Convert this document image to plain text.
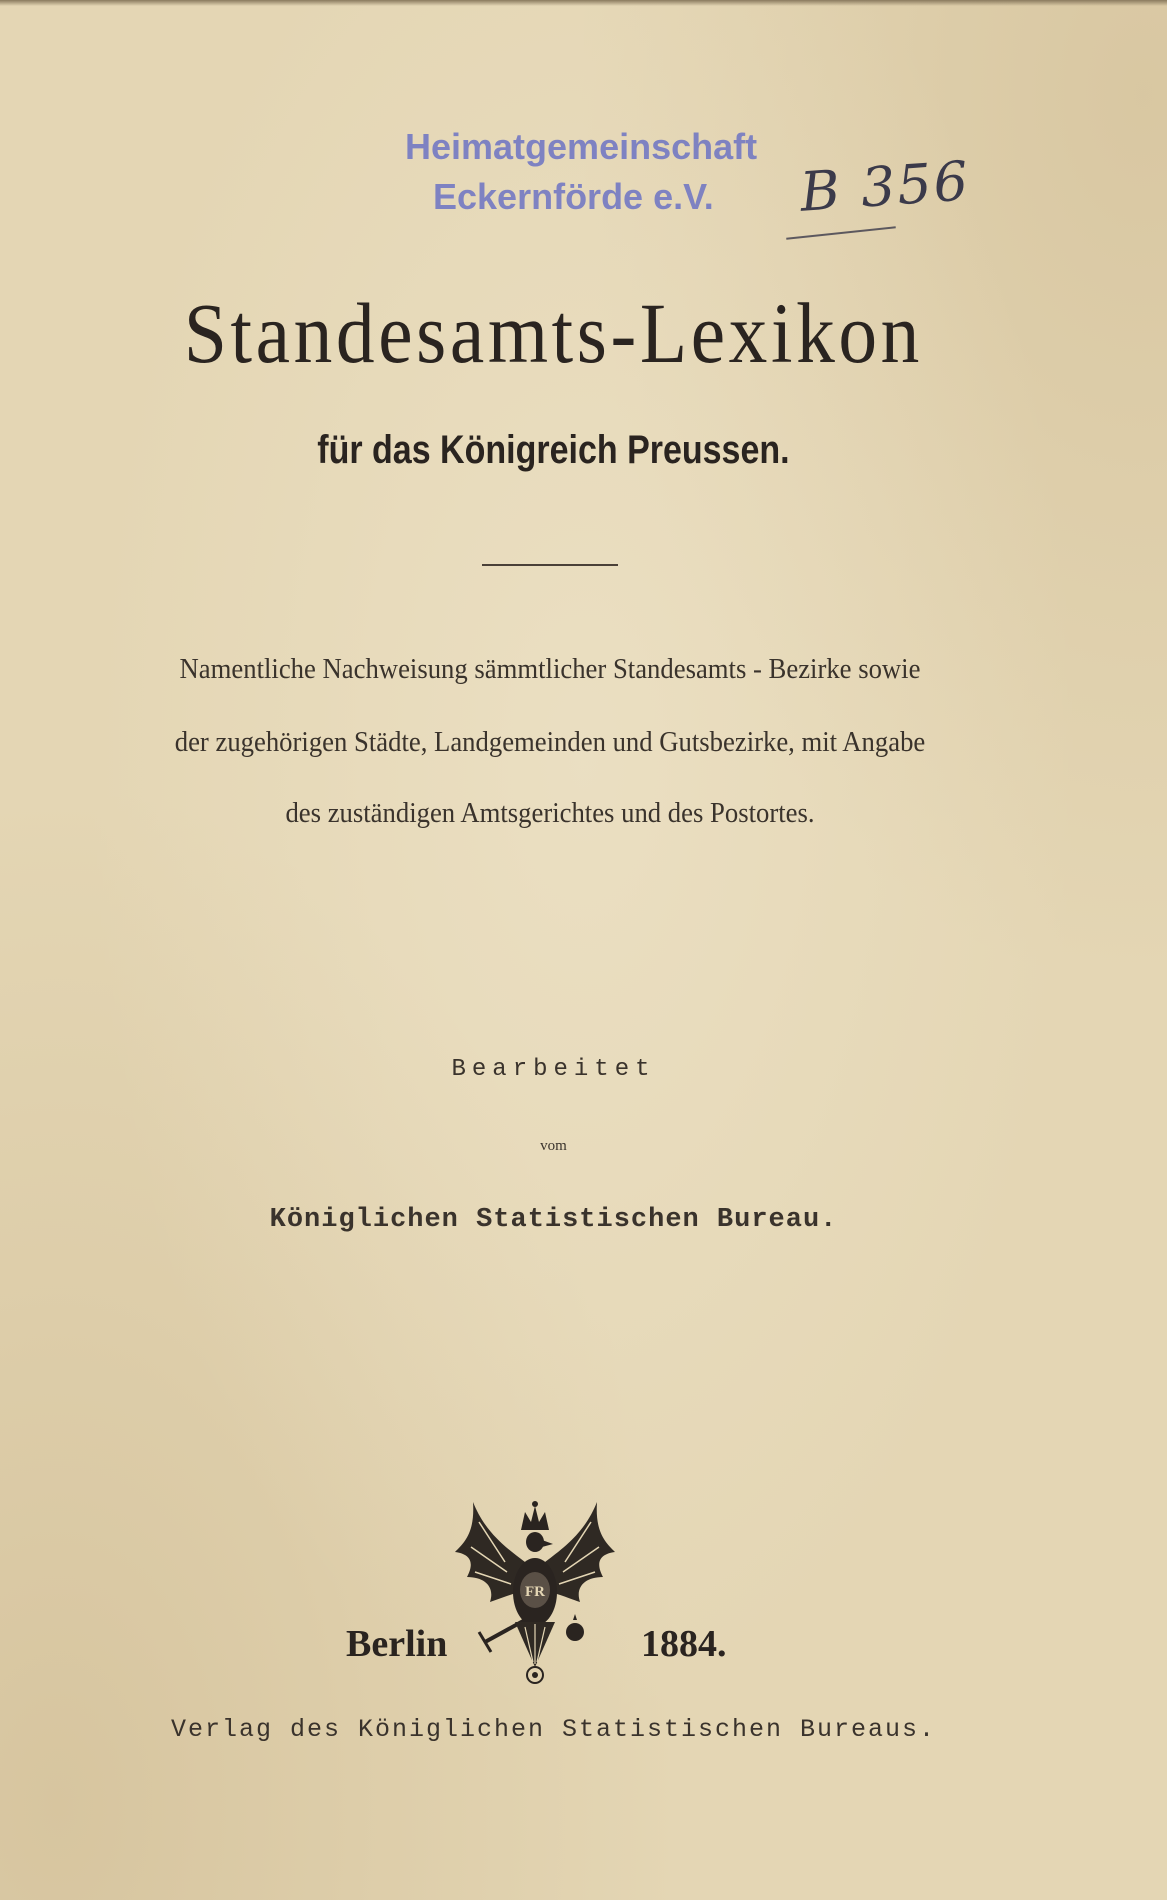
Heimatgemeinschaft
Eckernförde e.V.	B 356
Standesamts-Lexikon
für das Königreich Preussen.
Namentliche Nachweisung sämmtlicher Standesamts - Bezirke sowie
der zugehörigen Städte, Landgemeinden und Gutsbezirke, mit Angabe
des zuständigen Amtsgerichtes und des Postortes.
Bearbeitet
vom
Königlichen Statistischen Bureau.
Berlin
FR
1884.
Verlag des Königlichen Statistischen Bureaus.
